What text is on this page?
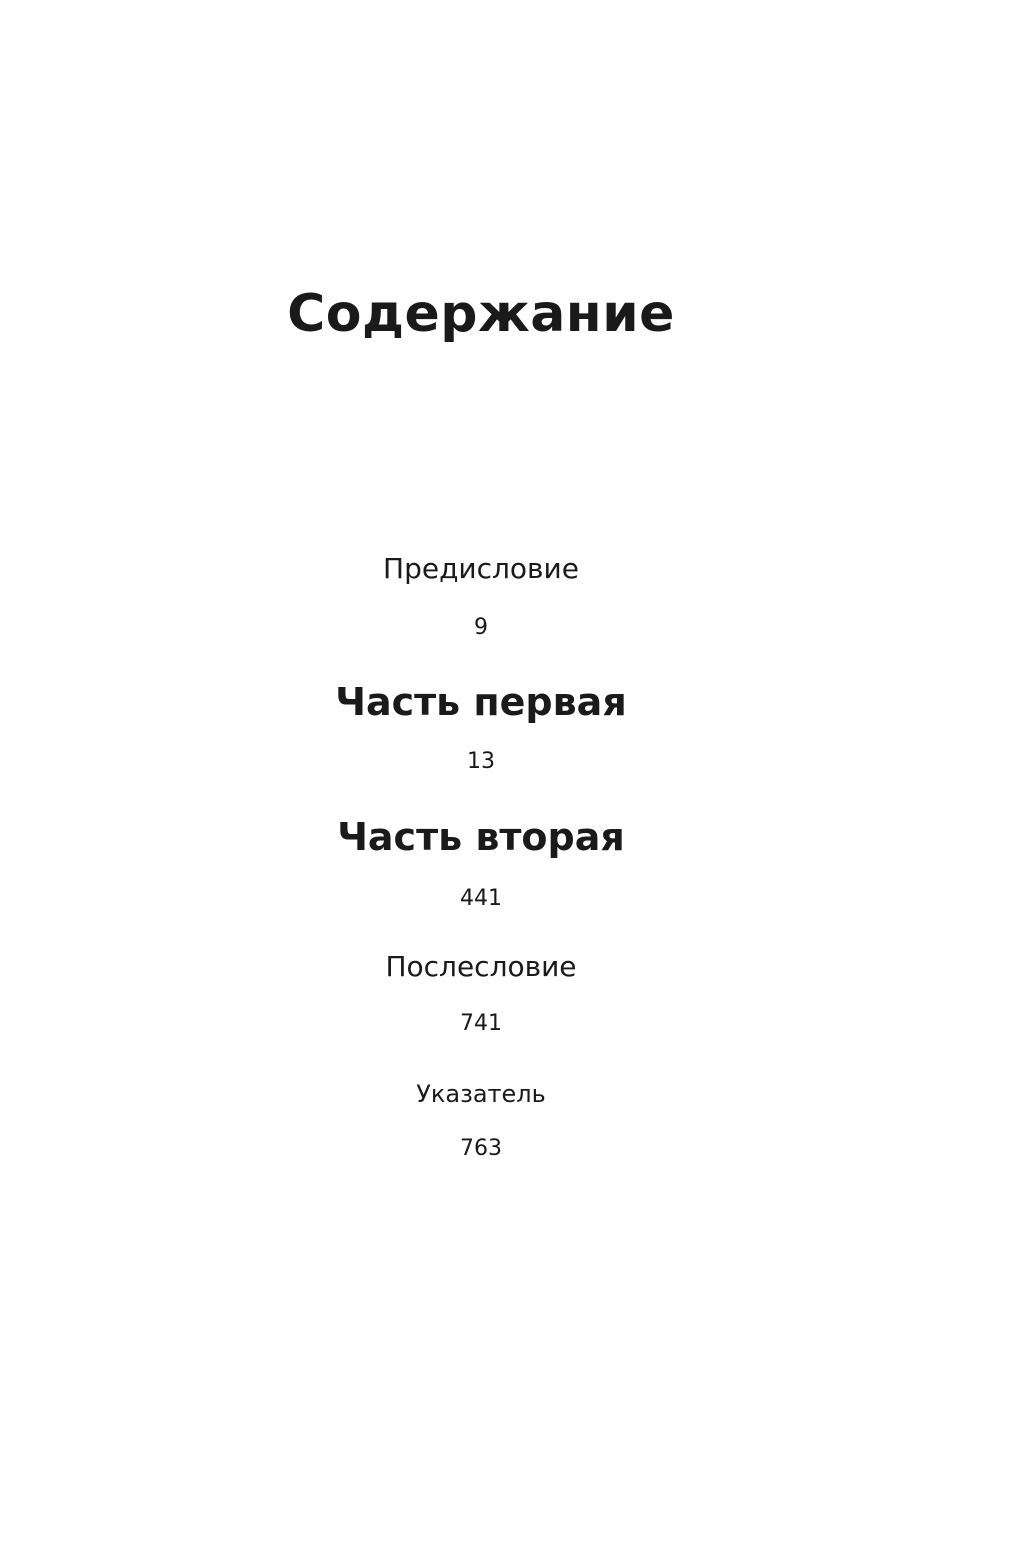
Содержание
Предисловие
9
Часть первая
13
Часть вторая
441
Послесловие
741
Указатель
763
